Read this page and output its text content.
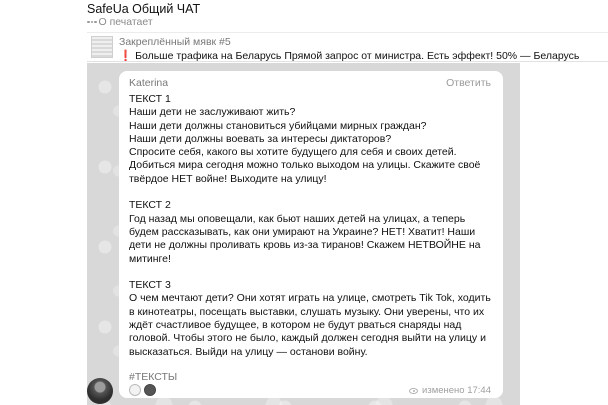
SafeUa Общий ЧАТ
О печатает
Закреплённый мявк #5
❗ Больше трафика на Беларусь Прямой запрос от министра. Есть эффект! 50% — Беларусь
Katerina	Ответить

ТЕКСТ 1
Наши дети не заслуживают жить?
Наши дети должны становиться убийцами мирных граждан?
Наши дети должны воевать за интересы диктаторов?
Спросите себя, какого вы хотите будущего для себя и своих детей. Добиться мира сегодня можно только выходом на улицы. Скажите своё твёрдое НЕТ войне! Выходите на улицу!

ТЕКСТ 2
Год назад мы оповещали, как бьют наших детей на улицах, а теперь будем рассказывать, как они умирают на Украине? НЕТ! Хватит! Наши дети не должны проливать кровь из-за тиранов! Скажем НЕТВОЙНЕ на митинге!

ТЕКСТ 3
О чем мечтают дети? Они хотят играть на улице, смотреть Tik Tok, ходить в кинотеатры, посещать выставки, слушать музыку. Они уверены, что их ждёт счастливое будущее, в котором не будут рваться снаряды над головой. Чтобы этого не было, каждый должен сегодня выйти на улицу и высказаться. Выйди на улицу — останови войну.

#ТЕКСТЫ
изменено 17:44
